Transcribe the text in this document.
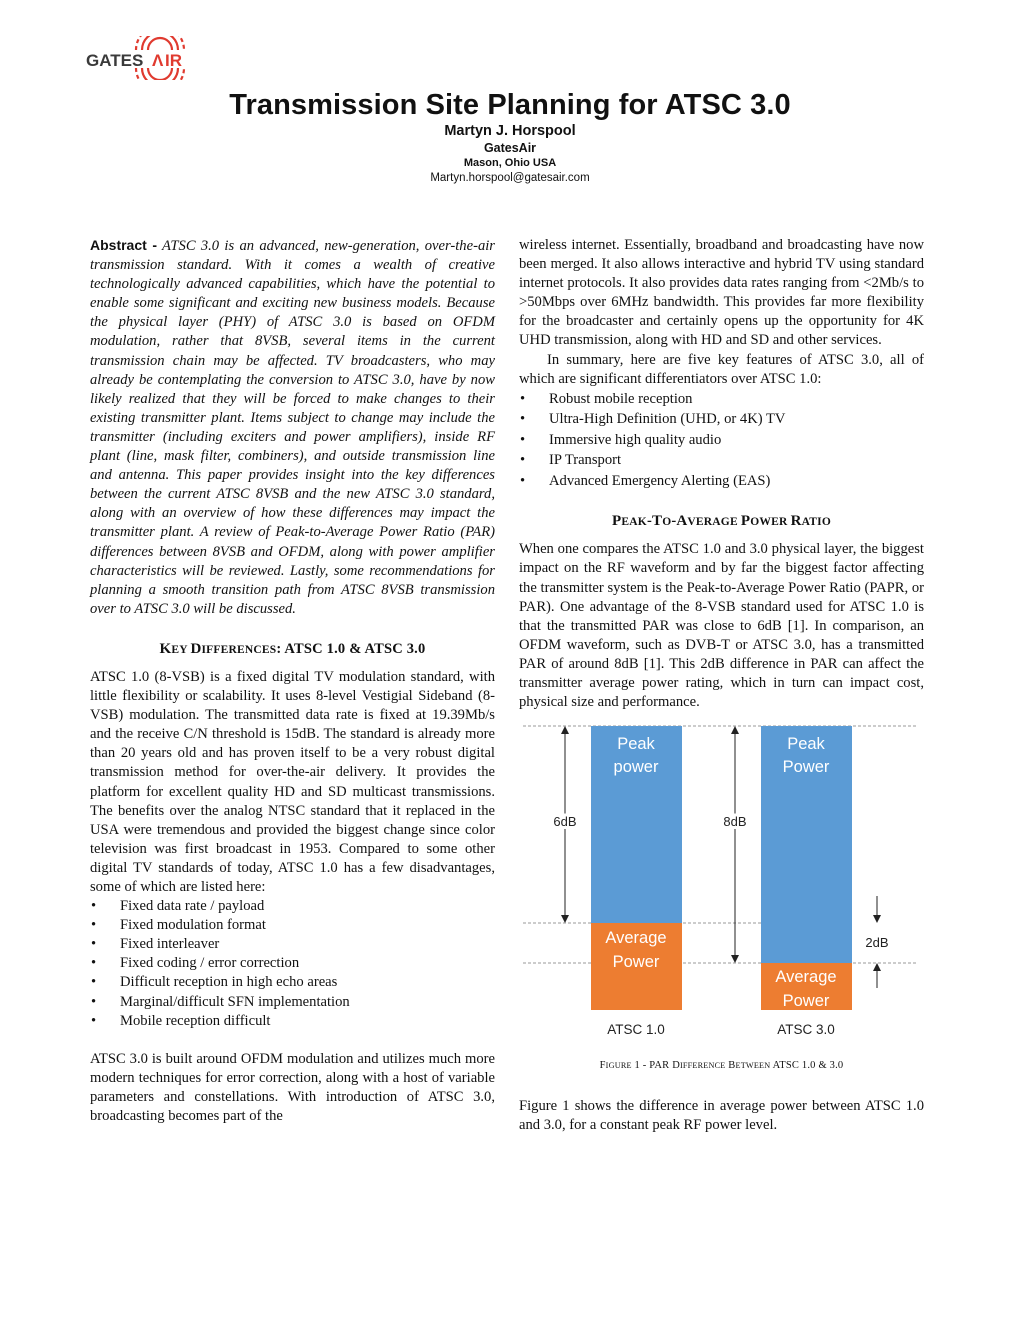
GATES Λ IR
Transmission Site Planning for ATSC 3.0

Martyn J. Horspool

GatesAir

Mason, Ohio USA

Martyn.horspool@gatesair.com

Abstract - ATSC 3.0 is an advanced, new-generation, over-the-air transmission standard. With it comes a wealth of creative technologically advanced capabilities, which have the potential to enable some significant and exciting new business models. Because the physical layer (PHY) of ATSC 3.0 is based on OFDM modulation, rather that 8VSB, several items in the current transmission chain may be affected. TV broadcasters, who may already be contemplating the conversion to ATSC 3.0, have by now likely realized that they will be forced to make changes to their existing transmitter plant. Items subject to change may include the transmitter (including exciters and power amplifiers), inside RF plant (line, mask filter, combiners), and outside transmission line and antenna. This paper provides insight into the key differences between the current ATSC 8VSB and the new ATSC 3.0 standard, along with an overview of how these differences may impact the transmitter plant. A review of Peak-to-Average Power Ratio (PAR) differences between 8VSB and OFDM, along with power amplifier characteristics will be reviewed. Lastly, some recommendations for planning a smooth transition path from ATSC 8VSB transmission over to ATSC 3.0 will be discussed.

KEY DIFFERENCES: ATSC 1.0 & ATSC 3.0

ATSC 1.0 (8-VSB) is a fixed digital TV modulation standard, with little flexibility or scalability. It uses 8-level Vestigial Sideband (8-VSB) modulation. The transmitted data rate is fixed at 19.39Mb/s and the receive C/N threshold is 15dB. The standard is already more than 20 years old and has proven itself to be a very robust digital transmission method for over-the-air delivery. It provides the platform for excellent quality HD and SD multicast transmissions. The benefits over the analog NTSC standard that it replaced in the USA were tremendous and provided the biggest change since color television was first broadcast in 1953. Compared to some other digital TV standards of today, ATSC 1.0 has a few disadvantages, some of which are listed here:

• Fixed data rate / payload
• Fixed modulation format
• Fixed interleaver
• Fixed coding / error correction
• Difficult reception in high echo areas
• Marginal/difficult SFN implementation
• Mobile reception difficult

ATSC 3.0 is built around OFDM modulation and utilizes much more modern techniques for error correction, along with a host of variable parameters and constellations. With introduction of ATSC 3.0, broadcasting becomes part of the

wireless internet. Essentially, broadband and broadcasting have now been merged. It also allows interactive and hybrid TV using standard internet protocols. It also provides data rates ranging from <2Mb/s to >50Mbps over 6MHz bandwidth. This provides far more flexibility for the broadcaster and certainly opens up the opportunity for 4K UHD transmission, along with HD and SD and other services.

In summary, here are five key features of ATSC 3.0, all of which are significant differentiators over ATSC 1.0:

• Robust mobile reception
• Ultra-High Definition (UHD, or 4K) TV
• Immersive high quality audio
• IP Transport
• Advanced Emergency Alerting (EAS)

PEAK-TO-AVERAGE POWER RATIO

When one compares the ATSC 1.0 and 3.0 physical layer, the biggest impact on the RF waveform and by far the biggest factor affecting the transmitter system is the Peak-to-Average Power Ratio (PAPR, or PAR). One advantage of the 8-VSB standard used for ATSC 1.0 is that the transmitted PAR was close to 6dB [1]. In comparison, an OFDM waveform, such as DVB-T or ATSC 3.0, has a transmitted PAR of around 8dB [1]. This 2dB difference in PAR can affect the transmitter average power rating, which in turn can impact cost, physical size and performance.

Peak
power
Average
Power
Peak
Power
Average
Power
6dB	8dB
2dB
ATSC 1.0	ATSC 3.0

FIGURE 1 - PAR DIFFERENCE BETWEEN ATSC 1.0 & 3.0

Figure 1 shows the difference in average power between ATSC 1.0 and 3.0, for a constant peak RF power level.
